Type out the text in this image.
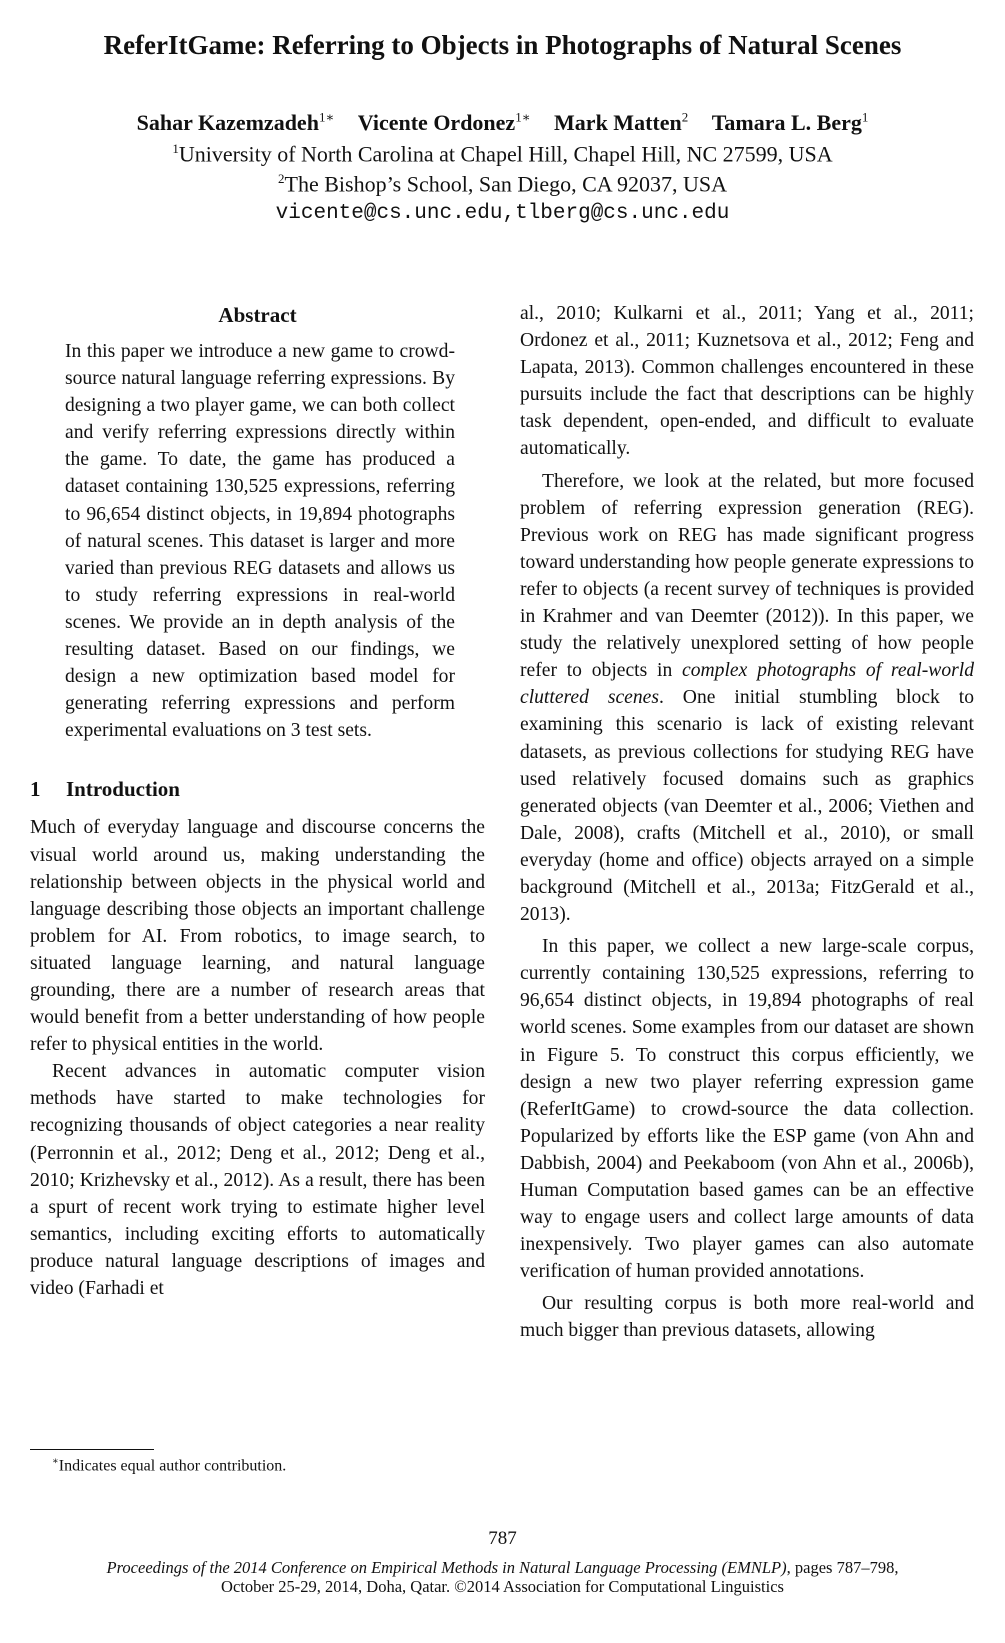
ReferItGame: Referring to Objects in Photographs of Natural Scenes

Sahar Kazemzadeh$^{1∗}$ Vicente Ordonez$^{1∗}$ Mark Matten$^2$ Tamara L. Berg$^1$

$^1$University of North Carolina at Chapel Hill, Chapel Hill, NC 27599, USA

$^2$The Bishop’s School, San Diego, CA 92037, USA

vicente@cs.unc.edu,tlberg@cs.unc.edu

Abstract

In this paper we introduce a new game to crowd-source natural language referring expressions. By designing a two player game, we can both collect and verify referring expressions directly within the game. To date, the game has produced a dataset containing 130,525 expressions, referring to 96,654 distinct objects, in 19,894 photographs of natural scenes. This dataset is larger and more varied than previous REG datasets and allows us to study referring expressions in real-world scenes. We provide an in depth analysis of the resulting dataset. Based on our findings, we design a new optimization based model for generating referring expressions and perform experimental evaluations on 3 test sets.

1 Introduction

Much of everyday language and discourse concerns the visual world around us, making understanding the relationship between objects in the physical world and language describing those objects an important challenge problem for AI. From robotics, to image search, to situated language learning, and natural language grounding, there are a number of research areas that would benefit from a better understanding of how people refer to physical entities in the world.

Recent advances in automatic computer vision methods have started to make technologies for recognizing thousands of object categories a near reality (Perronnin et al., 2012; Deng et al., 2012; Deng et al., 2010; Krizhevsky et al., 2012). As a result, there has been a spurt of recent work trying to estimate higher level semantics, including exciting efforts to automatically produce natural language descriptions of images and video (Farhadi et

∗Indicates equal author contribution.

al., 2010; Kulkarni et al., 2011; Yang et al., 2011; Ordonez et al., 2011; Kuznetsova et al., 2012; Feng and Lapata, 2013). Common challenges encountered in these pursuits include the fact that descriptions can be highly task dependent, open-ended, and difficult to evaluate automatically.

Therefore, we look at the related, but more focused problem of referring expression generation (REG). Previous work on REG has made significant progress toward understanding how people generate expressions to refer to objects (a recent survey of techniques is provided in Krahmer and van Deemter (2012)). In this paper, we study the relatively unexplored setting of how people refer to objects in complex photographs of real-world cluttered scenes. One initial stumbling block to examining this scenario is lack of existing relevant datasets, as previous collections for studying REG have used relatively focused domains such as graphics generated objects (van Deemter et al., 2006; Viethen and Dale, 2008), crafts (Mitchell et al., 2010), or small everyday (home and office) objects arrayed on a simple background (Mitchell et al., 2013a; FitzGerald et al., 2013).

In this paper, we collect a new large-scale corpus, currently containing 130,525 expressions, referring to 96,654 distinct objects, in 19,894 photographs of real world scenes. Some examples from our dataset are shown in Figure 5. To construct this corpus efficiently, we design a new two player referring expression game (ReferItGame) to crowd-source the data collection. Popularized by efforts like the ESP game (von Ahn and Dabbish, 2004) and Peekaboom (von Ahn et al., 2006b), Human Computation based games can be an effective way to engage users and collect large amounts of data inexpensively. Two player games can also automate verification of human provided annotations.

Our resulting corpus is both more real-world and much bigger than previous datasets, allowing

787

Proceedings of the 2014 Conference on Empirical Methods in Natural Language Processing (EMNLP), pages 787–798,

October 25-29, 2014, Doha, Qatar. ©2014 Association for Computational Linguistics
